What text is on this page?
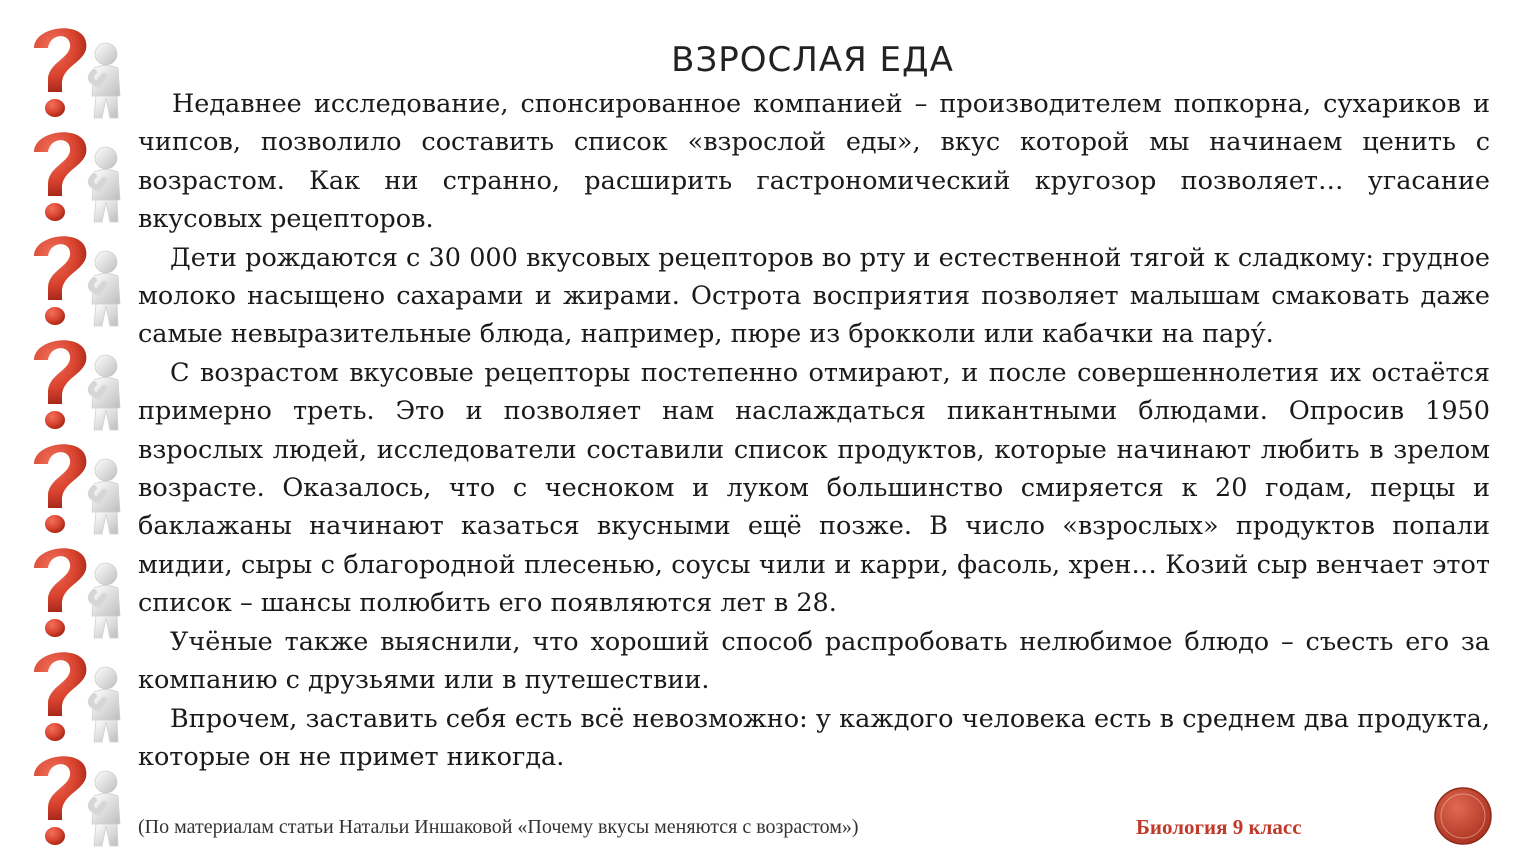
ВЗРОСЛАЯ ЕДА

Недавнее исследование, спонсированное компанией – производителем попкорна, сухариков и чипсов, позволило составить список «взрослой еды», вкус которой мы начинаем ценить с возрастом. Как ни странно, расширить гастрономический кругозор позволяет… угасание вкусовых рецепторов.

Дети рождаются с 30 000 вкусовых рецепторов во рту и естественной тягой к сладкому: грудное молоко насыщено сахарами и жирами. Острота восприятия позволяет малышам смаковать даже самые невыразительные блюда, например, пюре из брокколи или кабачки на пару́.

С возрастом вкусовые рецепторы постепенно отмирают, и после совершеннолетия их остаётся примерно треть. Это и позволяет нам наслаждаться пикантными блюдами. Опросив 1950 взрослых людей, исследователи составили список продуктов, которые начинают любить в зрелом возрасте. Оказалось, что с чесноком и луком большинство смиряется к 20 годам, перцы и баклажаны начинают казаться вкусными ещё позже. В число «взрослых» продуктов попали мидии, сыры с благородной плесенью, соусы чили и карри, фасоль, хрен… Козий сыр венчает этот список – шансы полюбить его появляются лет в 28.

Учёные также выяснили, что хороший способ распробовать нелюбимое блюдо – съесть его за компанию с друзьями или в путешествии.

Впрочем, заставить себя есть всё невозможно: у каждого человека есть в среднем два продукта, которые он не примет никогда.

(По материалам статьи Натальи Иншаковой «Почему вкусы меняются с возрастом»)	Биология 9 класс
